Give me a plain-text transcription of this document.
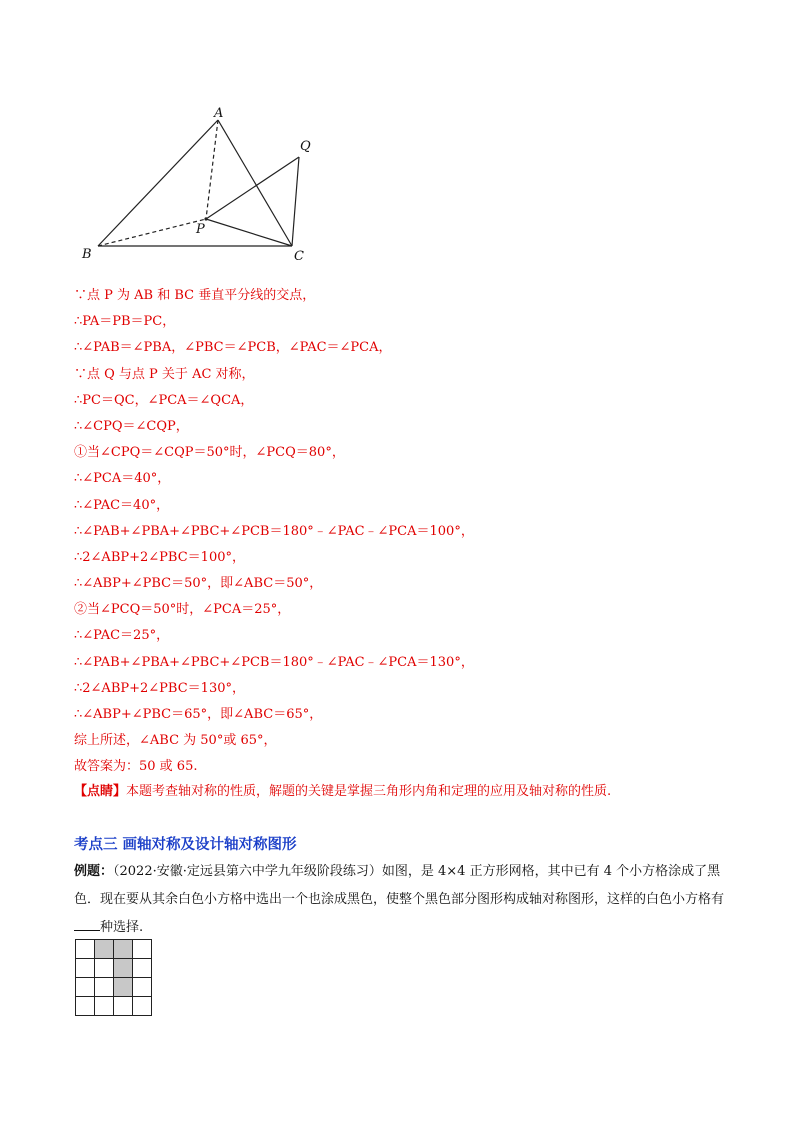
A
B	C
P
Q
∵点 P 为 AB 和 BC 垂直平分线的交点，
∴PA＝PB＝PC，
∴∠PAB＝∠PBA，∠PBC＝∠PCB，∠PAC＝∠PCA，
∵点 Q 与点 P 关于 AC 对称，
∴PC＝QC，∠PCA＝∠QCA，
∴∠CPQ＝∠CQP，
①当∠CPQ＝∠CQP＝50°时，∠PCQ＝80°，
∴∠PCA＝40°，
∴∠PAC＝40°，
∴∠PAB+∠PBA+∠PBC+∠PCB＝180°﹣∠PAC﹣∠PCA＝100°，
∴2∠ABP+2∠PBC＝100°，
∴∠ABP+∠PBC＝50°，即∠ABC＝50°，
②当∠PCQ＝50°时，∠PCA＝25°，
∴∠PAC＝25°，
∴∠PAB+∠PBA+∠PBC+∠PCB＝180°﹣∠PAC﹣∠PCA＝130°，
∴2∠ABP+2∠PBC＝130°，
∴∠ABP+∠PBC＝65°，即∠ABC＝65°，
综上所述，∠ABC 为 50°或 65°，
故答案为：50 或 65.
【点睛】本题考查轴对称的性质，解题的关键是掌握三角形内角和定理的应用及轴对称的性质.
考点三 画轴对称及设计轴对称图形
例题：（2022·安徽·定远县第六中学九年级阶段练习）如图，是 4×4 正方形网格，其中已有 4 个小方格涂成了黑色．现在要从其余白色小方格中选出一个也涂成黑色，使整个黑色部分图形构成轴对称图形，这样的白色小方格有种选择.
